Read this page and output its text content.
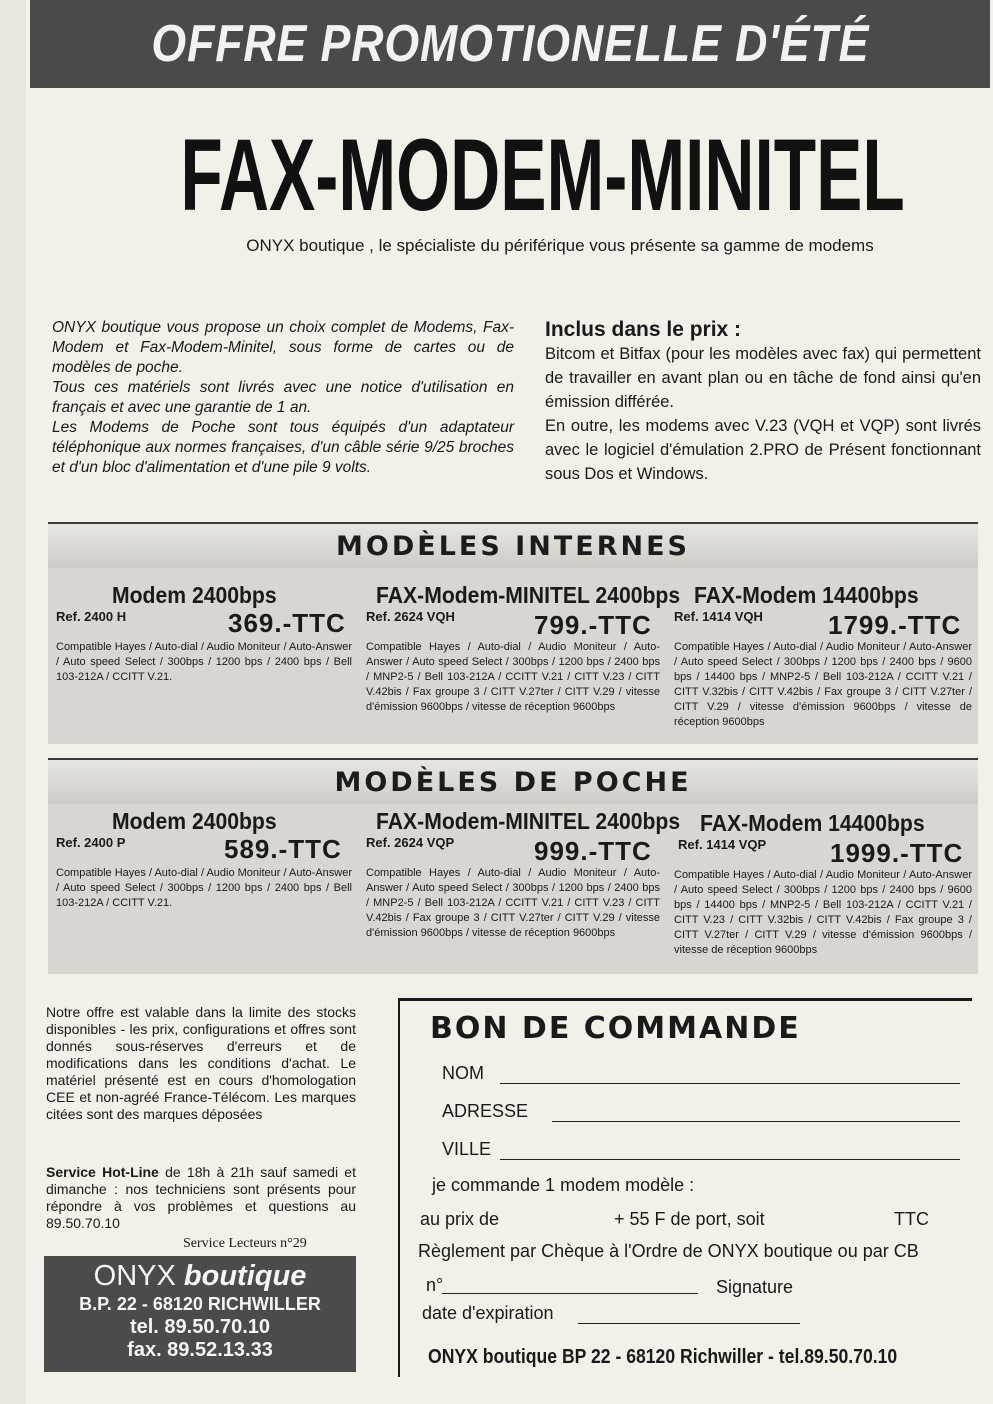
OFFRE PROMOTIONELLE D'ÉTÉ
FAX-MODEM-MINITEL
ONYX boutique , le spécialiste du périférique vous présente sa gamme de modems

ONYX boutique vous propose un choix complet de Modems, Fax-Modem et Fax-Modem-Minitel, sous forme de cartes ou de modèles de poche.

Tous ces matériels sont livrés avec une notice d'utilisation en français et avec une garantie de 1 an.

Les Modems de Poche sont tous équipés d'un adaptateur téléphonique aux normes françaises, d'un câble série 9/25 broches et d'un bloc d'alimentation et d'une pile 9 volts.

Inclus dans le prix :

Bitcom et Bitfax (pour les modèles avec fax) qui permettent de travailler en avant plan ou en tâche de fond ainsi qu'en émission différée.

En outre, les modems avec V.23 (VQH et VQP) sont livrés avec le logiciel d'émulation 2.PRO de Présent fonctionnant sous Dos et Windows.

MODÈLES INTERNES
Modem 2400bps
Ref. 2400 H	369.-TTC
Compatible Hayes / Auto-dial / Audio Moniteur / Auto-Answer / Auto speed Select / 300bps / 1200 bps / 2400 bps / Bell 103-212A / CCITT V.21.
FAX-Modem-MINITEL 2400bps
Ref. 2624 VQH	799.-TTC
Compatible Hayes / Auto-dial / Audio Moniteur / Auto-Answer / Auto speed Select / 300bps / 1200 bps / 2400 bps / MNP2-5 / Bell 103-212A / CCITT V.21 / CITT V.23 / CITT V.42bis / Fax groupe 3 / CITT V.27ter / CITT V.29 / vitesse d'émission 9600bps / vitesse de réception 9600bps
FAX-Modem 14400bps
Ref. 1414 VQH	1799.-TTC
Compatible Hayes / Auto-dial / Audio Moniteur / Auto-Answer / Auto speed Select / 300bps / 1200 bps / 2400 bps / 9600 bps / 14400 bps / MNP2-5 / Bell 103-212A / CCITT V.21 / CITT V.32bis / CITT V.42bis / Fax groupe 3 / CITT V.27ter / CITT V.29 / vitesse d'émission 9600bps / vitesse de réception 9600bps
MODÈLES DE POCHE
Modem 2400bps
Ref. 2400 P	589.-TTC
Compatible Hayes / Auto-dial / Audio Moniteur / Auto-Answer / Auto speed Select / 300bps / 1200 bps / 2400 bps / Bell 103-212A / CCITT V.21.
FAX-Modem-MINITEL 2400bps
Ref. 2624 VQP	999.-TTC
Compatible Hayes / Auto-dial / Audio Moniteur / Auto-Answer / Auto speed Select / 300bps / 1200 bps / 2400 bps / MNP2-5 / Bell 103-212A / CCITT V.21 / CITT V.23 / CITT V.42bis / Fax groupe 3 / CITT V.27ter / CITT V.29 / vitesse d'émission 9600bps / vitesse de réception 9600bps
FAX-Modem 14400bps
Ref. 1414 VQP	1999.-TTC
Compatible Hayes / Auto-dial / Audio Moniteur / Auto-Answer / Auto speed Select / 300bps / 1200 bps / 2400 bps / 9600 bps / 14400 bps / MNP2-5 / Bell 103-212A / CCITT V.21 / CITT V.23 / CITT V.32bis / CITT V.42bis / Fax groupe 3 / CITT V.27ter / CITT V.29 / vitesse d'émission 9600bps / vitesse de réception 9600bps
Notre offre est valable dans la limite des stocks disponibles - les prix, configurations et offres sont donnés sous-réserves d'erreurs et de modifications dans les conditions d'achat. Le matériel présenté est en cours d'homologation CEE et non-agréé France-Télécom. Les marques citées sont des marques déposées
Service Hot-Line de 18h à 21h sauf samedi et dimanche : nos techniciens sont présents pour répondre à vos problèmes et questions au 89.50.70.10
Service Lecteurs n°29
ONYX boutique
B.P. 22 - 68120 RICHWILLER
tel. 89.50.70.10
fax. 89.52.13.33
BON DE COMMANDE
NOM
ADRESSE
VILLE
je commande 1 modem modèle :
au prix de	+ 55 F de port, soit	TTC
Règlement par Chèque à l'Ordre de ONYX boutique ou par CB
n°	Signature
date d'expiration
ONYX boutique BP 22 - 68120 Richwiller - tel.89.50.70.10
